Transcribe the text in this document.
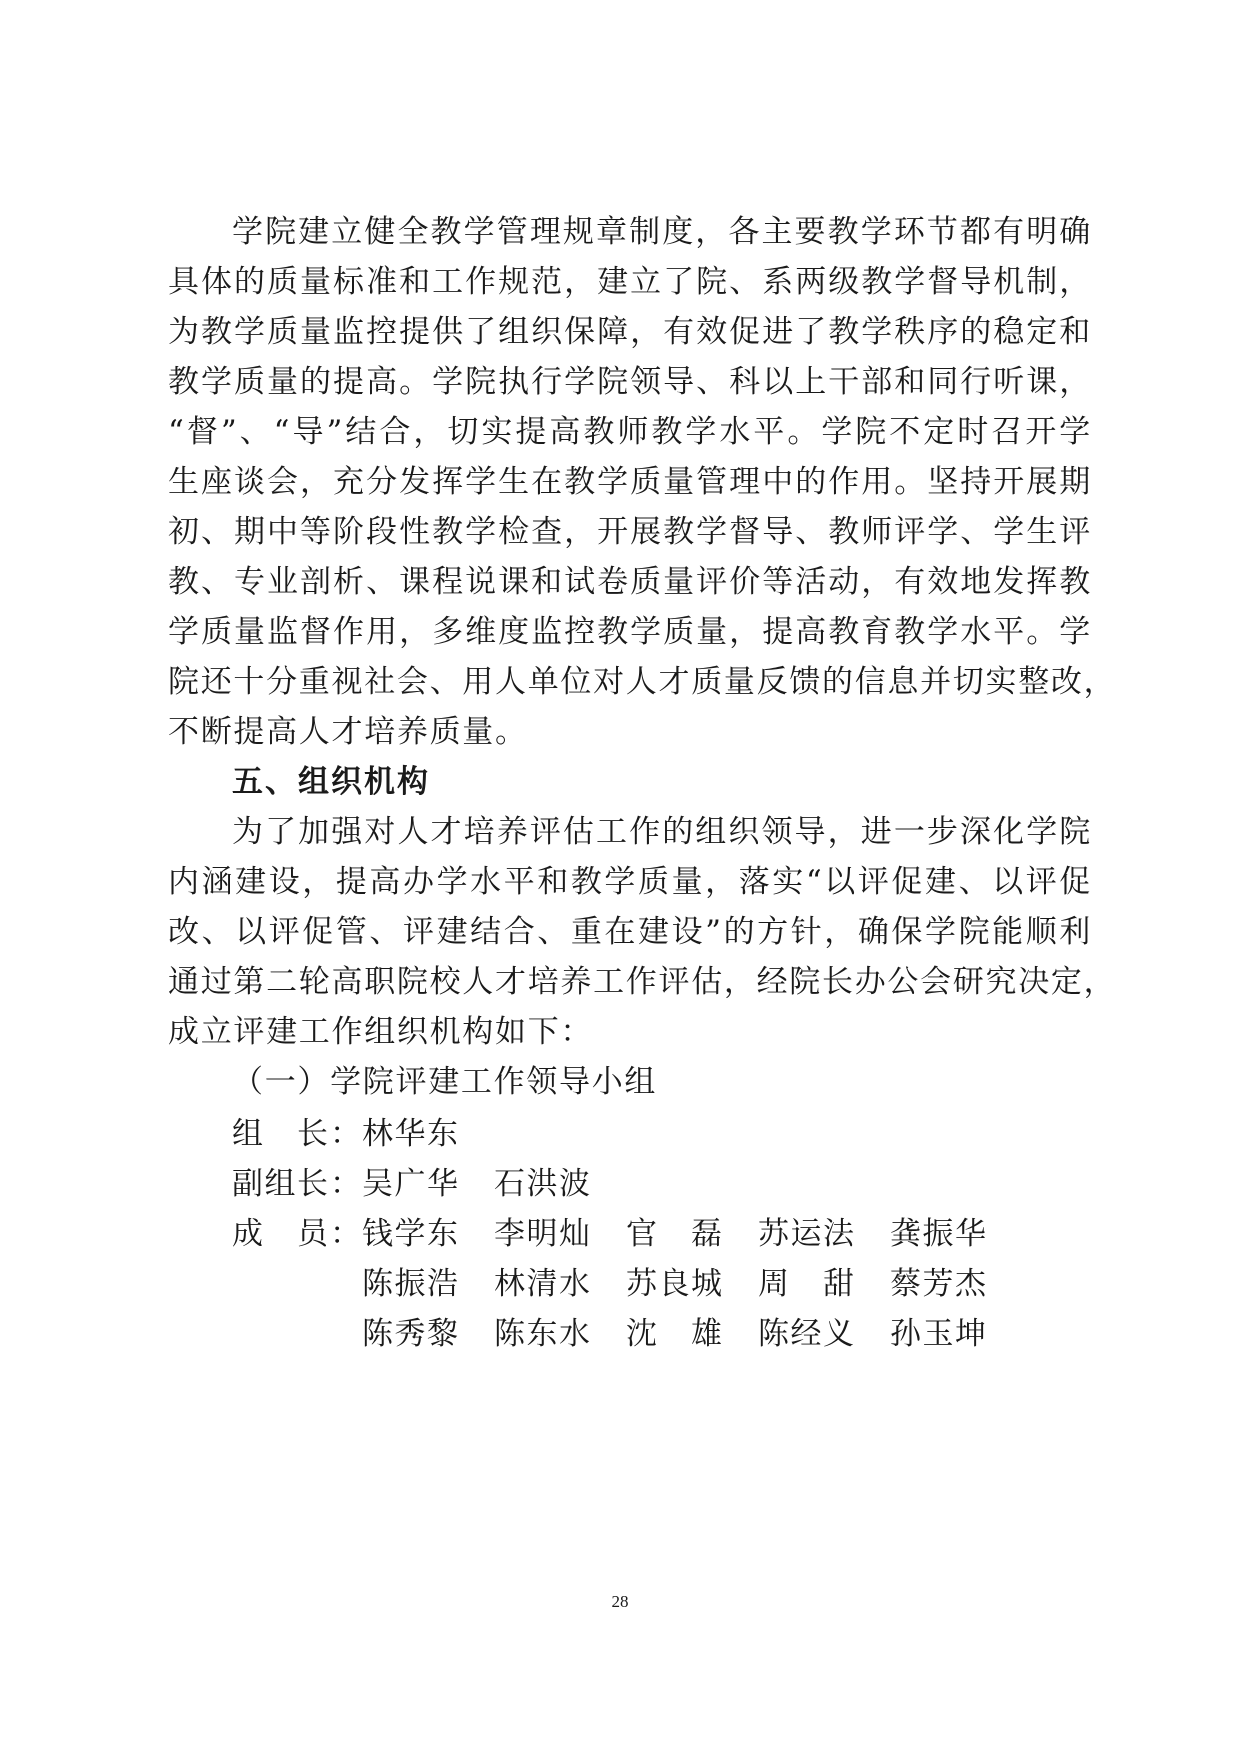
学院建立健全教学管理规章制度，各主要教学环节都有明确
具体的质量标准和工作规范，建立了院、系两级教学督导机制，
为教学质量监控提供了组织保障，有效促进了教学秩序的稳定和
教学质量的提高。学院执行学院领导、科以上干部和同行听课，
“督”、“导”结合，切实提高教师教学水平。学院不定时召开学
生座谈会，充分发挥学生在教学质量管理中的作用。坚持开展期
初、期中等阶段性教学检查，开展教学督导、教师评学、学生评
教、专业剖析、课程说课和试卷质量评价等活动，有效地发挥教
学质量监督作用，多维度监控教学质量，提高教育教学水平。学
院还十分重视社会、用人单位对人才质量反馈的信息并切实整改，
不断提高人才培养质量。
五、组织机构
为了加强对人才培养评估工作的组织领导，进一步深化学院
内涵建设，提高办学水平和教学质量，落实“以评促建、以评促
改、以评促管、评建结合、重在建设”的方针，确保学院能顺利
通过第二轮高职院校人才培养工作评估，经院长办公会研究决定，
成立评建工作组织机构如下：
（一）学院评建工作领导小组
组长 ： 林华东
副组长 ： 吴广华 石洪波
成员 ： 钱学东 李明灿 官磊 苏运法 龚振华
陈振浩 林清水 苏良城 周甜 蔡芳杰
陈秀黎 陈东水 沈雄 陈经义 孙玉坤
28
